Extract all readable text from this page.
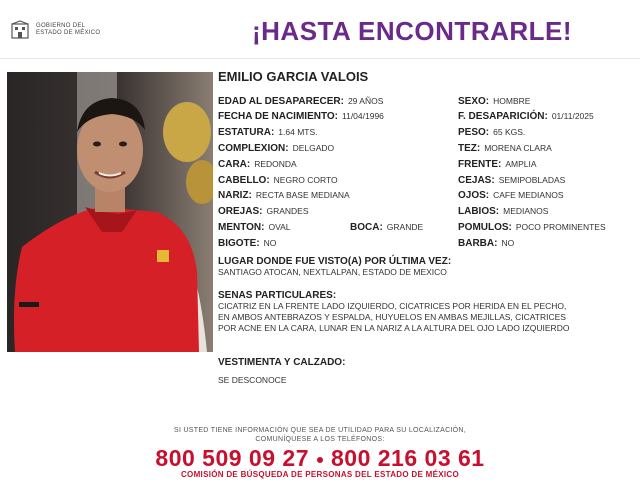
GOBIERNO DEL
ESTADO DE MÉXICO	¡HASTA ENCONTRARLE!
EMILIO GARCIA VALOIS
EDAD AL DESAPARECER: 29 AÑOS
FECHA DE NACIMIENTO: 11/04/1996
ESTATURA: 1.64 MTS.
COMPLEXION: DELGADO
CARA: REDONDA
CABELLO: NEGRO CORTO
NARIZ: RECTA BASE MEDIANA
OREJAS: GRANDES
MENTON: OVAL	BOCA: GRANDE
BIGOTE: NO
SEXO: HOMBRE
F. DESAPARICIÓN: 01/11/2025
PESO: 65 KGS.
TEZ: MORENA CLARA
FRENTE: AMPLIA
CEJAS: SEMIPOBLADAS
OJOS: CAFE MEDIANOS
LABIOS: MEDIANOS
POMULOS: POCO PROMINENTES
BARBA: NO
LUGAR DONDE FUE VISTO(A) POR ÚLTIMA VEZ:
SANTIAGO ATOCAN, NEXTLALPAN, ESTADO DE MEXICO
SENAS PARTICULARES:
CICATRIZ EN LA FRENTE LADO IZQUIERDO, CICATRICES POR HERIDA EN EL PECHO,
EN AMBOS ANTEBRAZOS Y ESPALDA, HUYUELOS EN AMBAS MEJILLAS, CICATRICES
POR ACNE EN LA CARA, LUNAR EN LA NARIZ A LA ALTURA DEL OJO LADO IZQUIERDO
VESTIMENTA Y CALZADO:
SE DESCONOCE
SI USTED TIENE INFORMACIÓN QUE SEA DE UTILIDAD PARA SU LOCALIZACIÓN,
COMUNÍQUESE A LOS TELÉFONOS:
800 509 09 27 800 216 03 61
COMISIÓN DE BÚSQUEDA DE PERSONAS DEL ESTADO DE MÉXICO
